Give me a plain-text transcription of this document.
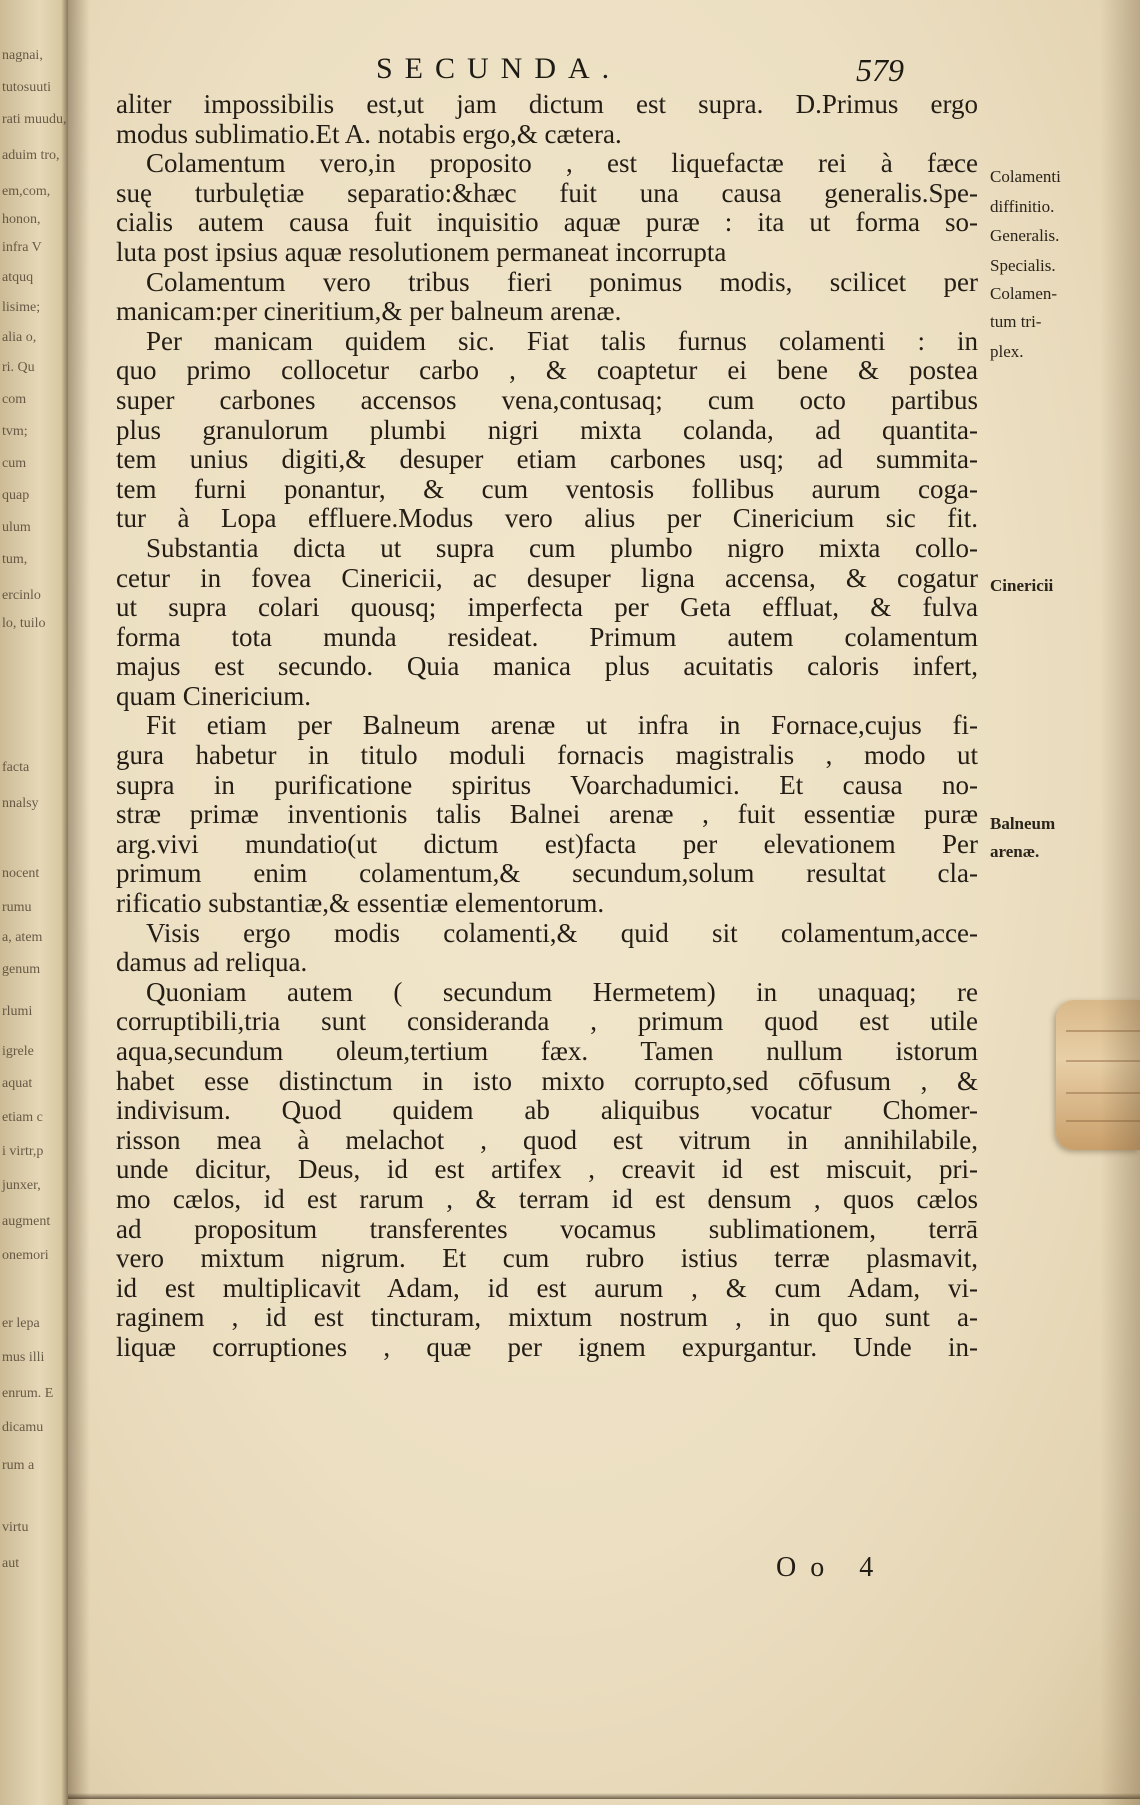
nagnai,
tutosuuti
rati muudu,
aduim tro,
em,com,
honon,
infra V
atquq
lisime;
alia o,
ri. Qu
com
tvm;
cum
quap
ulum
tum,
ercinlo
lo, tuilo
facta
nnalsy
nocent
rumu
a, atem
genum
rlumi
igrele
aquat
etiam c
i virtr,p
junxer,
augment
onemori
er lepa
mus illi
enrum. E
dicamu
rum a
virtu
aut
SECUNDA.	579
aliter impossibilis est,ut jam dictum est supra. D.Primus ergo
modus sublimatio.Et A. notabis ergo,& cætera.
Colamentum vero,in proposito , est liquefactæ rei à fæce
suę turbulętiæ separatio:&hæc fuit una causa generalis.Spe-
cialis autem causa fuit inquisitio aquæ puræ : ita ut forma so-
luta post ipsius aquæ resolutionem permaneat incorrupta
Colamentum vero tribus fieri ponimus modis, scilicet per
manicam:per cineritium,& per balneum arenæ.
Per manicam quidem sic. Fiat talis furnus colamenti : in
quo primo collocetur carbo , & coaptetur ei bene & postea
super carbones accensos vena,contusaq; cum octo partibus
plus granulorum plumbi nigri mixta colanda, ad quantita-
tem unius digiti,& desuper etiam carbones usq; ad summita-
tem furni ponantur, & cum ventosis follibus aurum coga-
tur à Lopa effluere.Modus vero alius per Cinericium sic fit.
Substantia dicta ut supra cum plumbo nigro mixta collo-
cetur in fovea Cinericii, ac desuper ligna accensa, & cogatur
ut supra colari quousq; imperfecta per Geta effluat, & fulva
forma tota munda resideat. Primum autem colamentum
majus est secundo. Quia manica plus acuitatis caloris infert,
quam Cinericium.
Fit etiam per Balneum arenæ ut infra in Fornace,cujus fi-
gura habetur in titulo moduli fornacis magistralis , modo ut
supra in purificatione spiritus Voarchadumici. Et causa no-
stræ primæ inventionis talis Balnei arenæ , fuit essentiæ puræ
arg.vivi mundatio(ut dictum est)facta per elevationem Per
primum enim colamentum,& secundum,solum resultat cla-
rificatio substantiæ,& essentiæ elementorum.
Visis ergo modis colamenti,& quid sit colamentum,acce-
damus ad reliqua.
Quoniam autem ( secundum Hermetem) in unaquaq; re
corruptibili,tria sunt consideranda , primum quod est utile
aqua,secundum oleum,tertium fæx. Tamen nullum istorum
habet esse distinctum in isto mixto corrupto,sed cōfusum , &
indivisum. Quod quidem ab aliquibus vocatur Chomer-
risson mea à melachot , quod est vitrum in annihilabile,
unde dicitur, Deus, id est artifex , creavit id est miscuit, pri-
mo cælos, id est rarum , & terram id est densum , quos cælos
ad propositum transferentes vocamus sublimationem, terrā
vero mixtum nigrum. Et cum rubro istius terræ plasmavit,
id est multiplicavit Adam, id est aurum , & cum Adam, vi-
raginem , id est tincturam, mixtum nostrum , in quo sunt a-
liquæ corruptiones , quæ per ignem expurgantur. Unde in-
Colamenti
diffinitio.
Generalis.
Specialis.
Colamen-
tum tri-
plex.
Cinericii
Balneum
arenæ.
Oo 4
